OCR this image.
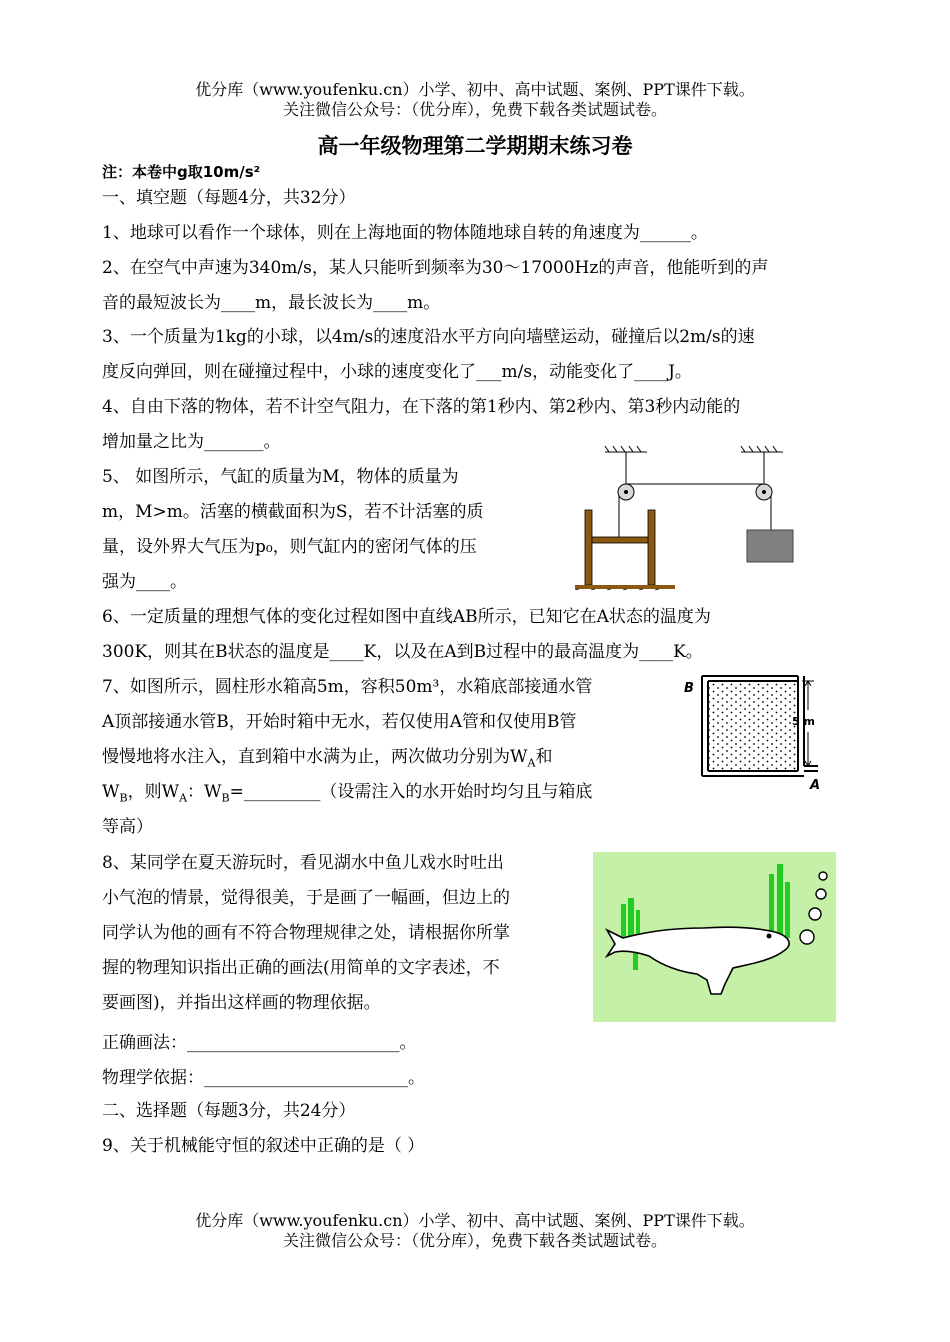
优分库（www.youfenku.cn）小学、初中、高中试题、案例、PPT课件下载。
关注微信公众号：（优分库），免费下载各类试题试卷。
高一年级物理第二学期期末练习卷
注：本卷中g取10m/s²
一、填空题（每题4分，共32分）
1、地球可以看作一个球体，则在上海地面的物体随地球自转的角速度为______。
2、在空气中声速为340m/s，某人只能听到频率为30～17000Hz的声音，他能听到的声
音的最短波长为____m，最长波长为____m。
3、一个质量为1kg的小球，以4m/s的速度沿水平方向向墙壁运动，碰撞后以2m/s的速
度反向弹回，则在碰撞过程中，小球的速度变化了___m/s，动能变化了____J。
4、自由下落的物体，若不计空气阻力，在下落的第1秒内、第2秒内、第3秒内动能的
增加量之比为_______。
5、 如图所示，气缸的质量为M，物体的质量为
m，M>m。活塞的横截面积为S，若不计活塞的质
量，设外界大气压为p₀，则气缸内的密闭气体的压
强为____。
6、一定质量的理想气体的变化过程如图中直线AB所示，已知它在A状态的温度为
300K，则其在B状态的温度是____K，以及在A到B过程中的最高温度为____K。
7、如图所示，圆柱形水箱高5m，容积50m³，水箱底部接通水管
A顶部接通水管B，开始时箱中无水，若仅使用A管和仅使用B管
慢慢地将水注入，直到箱中水满为止，两次做功分别为$W_A$和
$W_B$，则$W_A$：$W_B=\_\_\_\_\_\_\_\_\_$（设需注入的水开始时均匀且与箱底
等高）
B
A
5 m
8、某同学在夏天游玩时，看见湖水中鱼儿戏水时吐出
小气泡的情景，觉得很美，于是画了一幅画，但边上的
同学认为他的画有不符合物理规律之处，请根据你所掌
握的物理知识指出正确的画法(用简单的文字表述，不
要画图)，并指出这样画的物理依据。
正确画法：_________________________。
物理学依据：________________________。
二、选择题（每题3分，共24分）
9、关于机械能守恒的叙述中正确的是（ ）
优分库（www.youfenku.cn）小学、初中、高中试题、案例、PPT课件下载。
关注微信公众号：（优分库），免费下载各类试题试卷。
